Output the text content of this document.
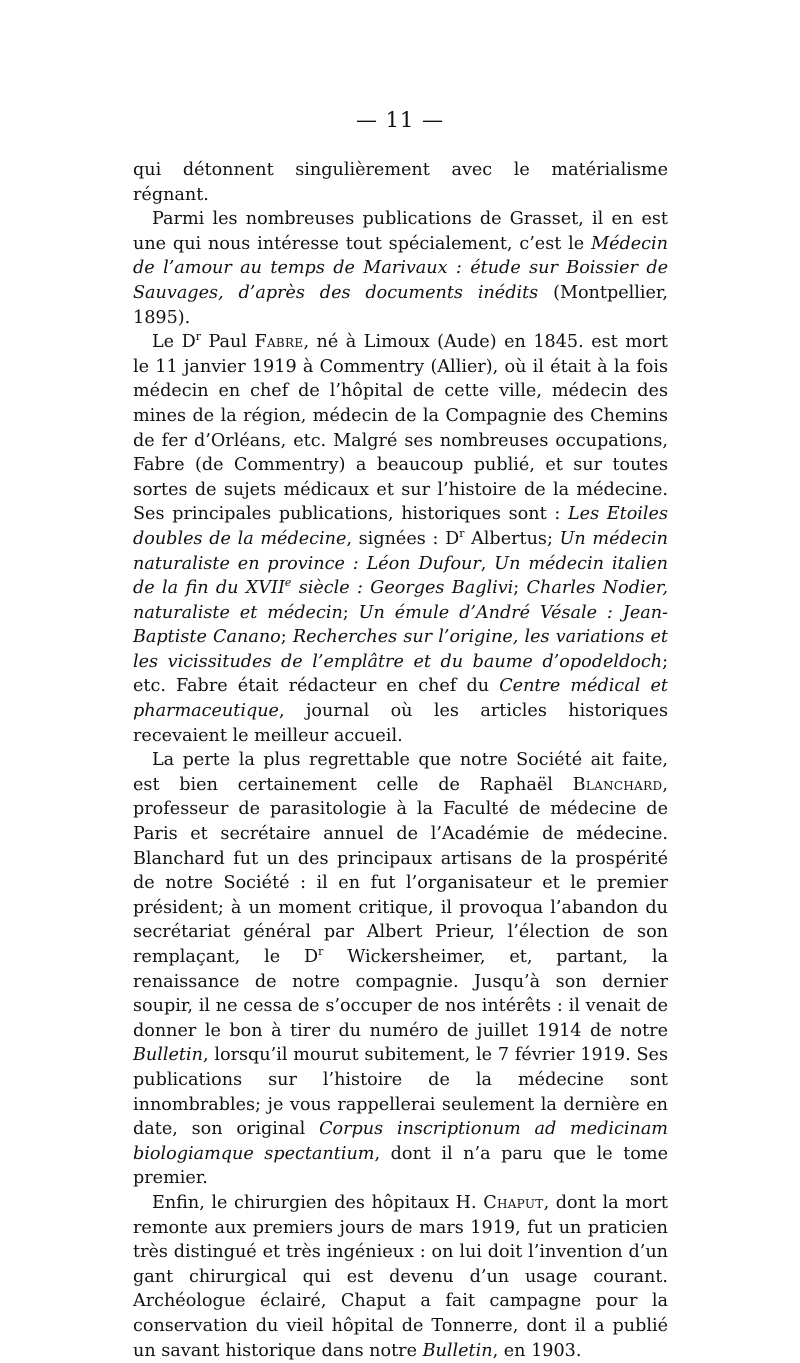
— 11 —

qui détonnent singulièrement avec le matérialisme régnant.

Parmi les nombreuses publications de Grasset, il en est une qui nous intéresse tout spécialement, c’est le Médecin de l’amour au temps de Marivaux : étude sur Boissier de Sauvages, d’après des documents inédits (Montpellier, 1895).

Le $D^r$ Paul Fabre, né à Limoux (Aude) en 1845. est mort le 11 janvier 1919 à Commentry (Allier), où il était à la fois médecin en chef de l’hôpital de cette ville, médecin des mines de la région, médecin de la Compagnie des Chemins de fer d’Orléans, etc. Malgré ses nombreuses occupations, Fabre (de Commentry) a beaucoup publié, et sur toutes sortes de sujets médicaux et sur l’histoire de la médecine. Ses principales publications, historiques sont : Les Etoiles doubles de la médecine, signées : $D^r$ Albertus; Un médecin naturaliste en province : Léon Dufour, Un médecin italien de la fin du XVIIe siècle : Georges Baglivi; Charles Nodier, naturaliste et médecin; Un émule d’André Vésale : Jean-Baptiste Canano; Recherches sur l’origine, les variations et les vicissitudes de l’emplâtre et du baume d’opodeldoch; etc. Fabre était rédacteur en chef du Centre médical et pharmaceutique, journal où les articles historiques recevaient le meilleur accueil.

La perte la plus regrettable que notre Société ait faite, est bien certainement celle de Raphaël Blanchard, professeur de parasitologie à la Faculté de médecine de Paris et secrétaire annuel de l’Académie de médecine. Blanchard fut un des principaux artisans de la prospérité de notre Société : il en fut l’organisateur et le premier président; à un moment critique, il provoqua l’abandon du secrétariat général par Albert Prieur, l’élection de son remplaçant, le $D^r$ Wickersheimer, et, partant, la renaissance de notre compagnie. Jusqu’à son dernier soupir, il ne cessa de s’occuper de nos intérêts : il venait de donner le bon à tirer du numéro de juillet 1914 de notre Bulletin, lorsqu’il mourut subitement, le 7 février 1919. Ses publications sur l’histoire de la médecine sont innombrables; je vous rappellerai seulement la dernière en date, son original Corpus inscriptionum ad medicinam biologiamque spectantium, dont il n’a paru que le tome premier.

Enfin, le chirurgien des hôpitaux H. Chaput, dont la mort remonte aux premiers jours de mars 1919, fut un praticien très distingué et très ingénieux : on lui doit l’invention d’un gant chirurgical qui est devenu d’un usage courant. Archéologue éclairé, Chaput a fait campagne pour la conservation du vieil hôpital de Tonnerre, dont il a publié un savant historique dans notre Bulletin, en 1903.
